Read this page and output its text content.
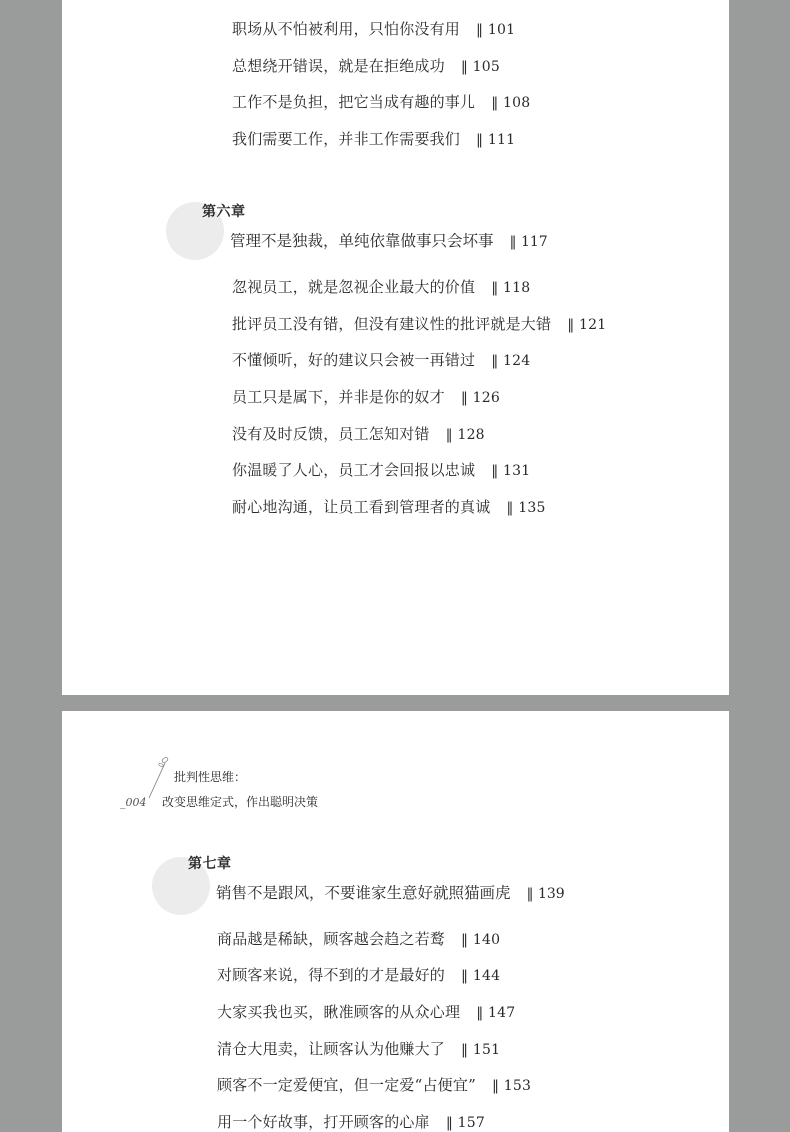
职场从不怕被利用，只怕你没有用 ‖ 101
总想绕开错误，就是在拒绝成功 ‖ 105
工作不是负担，把它当成有趣的事儿 ‖ 108
我们需要工作，并非工作需要我们 ‖ 111
第六章
管理不是独裁，单纯依靠做事只会坏事 ‖ 117
忽视员工，就是忽视企业最大的价值 ‖ 118
批评员工没有错，但没有建议性的批评就是大错 ‖ 121
不懂倾听，好的建议只会被一再错过 ‖ 124
员工只是属下，并非是你的奴才 ‖ 126
没有及时反馈，员工怎知对错 ‖ 128
你温暖了人心，员工才会回报以忠诚 ‖ 131
耐心地沟通，让员工看到管理者的真诚 ‖ 135
批判性思维：
_004 改变思维定式，作出聪明决策
第七章
销售不是跟风，不要谁家生意好就照猫画虎 ‖ 139
商品越是稀缺，顾客越会趋之若鹜 ‖ 140
对顾客来说，得不到的才是最好的 ‖ 144
大家买我也买，瞅准顾客的从众心理 ‖ 147
清仓大甩卖，让顾客认为他赚大了 ‖ 151
顾客不一定爱便宜，但一定爱“占便宜” ‖ 153
用一个好故事，打开顾客的心扉 ‖ 157
